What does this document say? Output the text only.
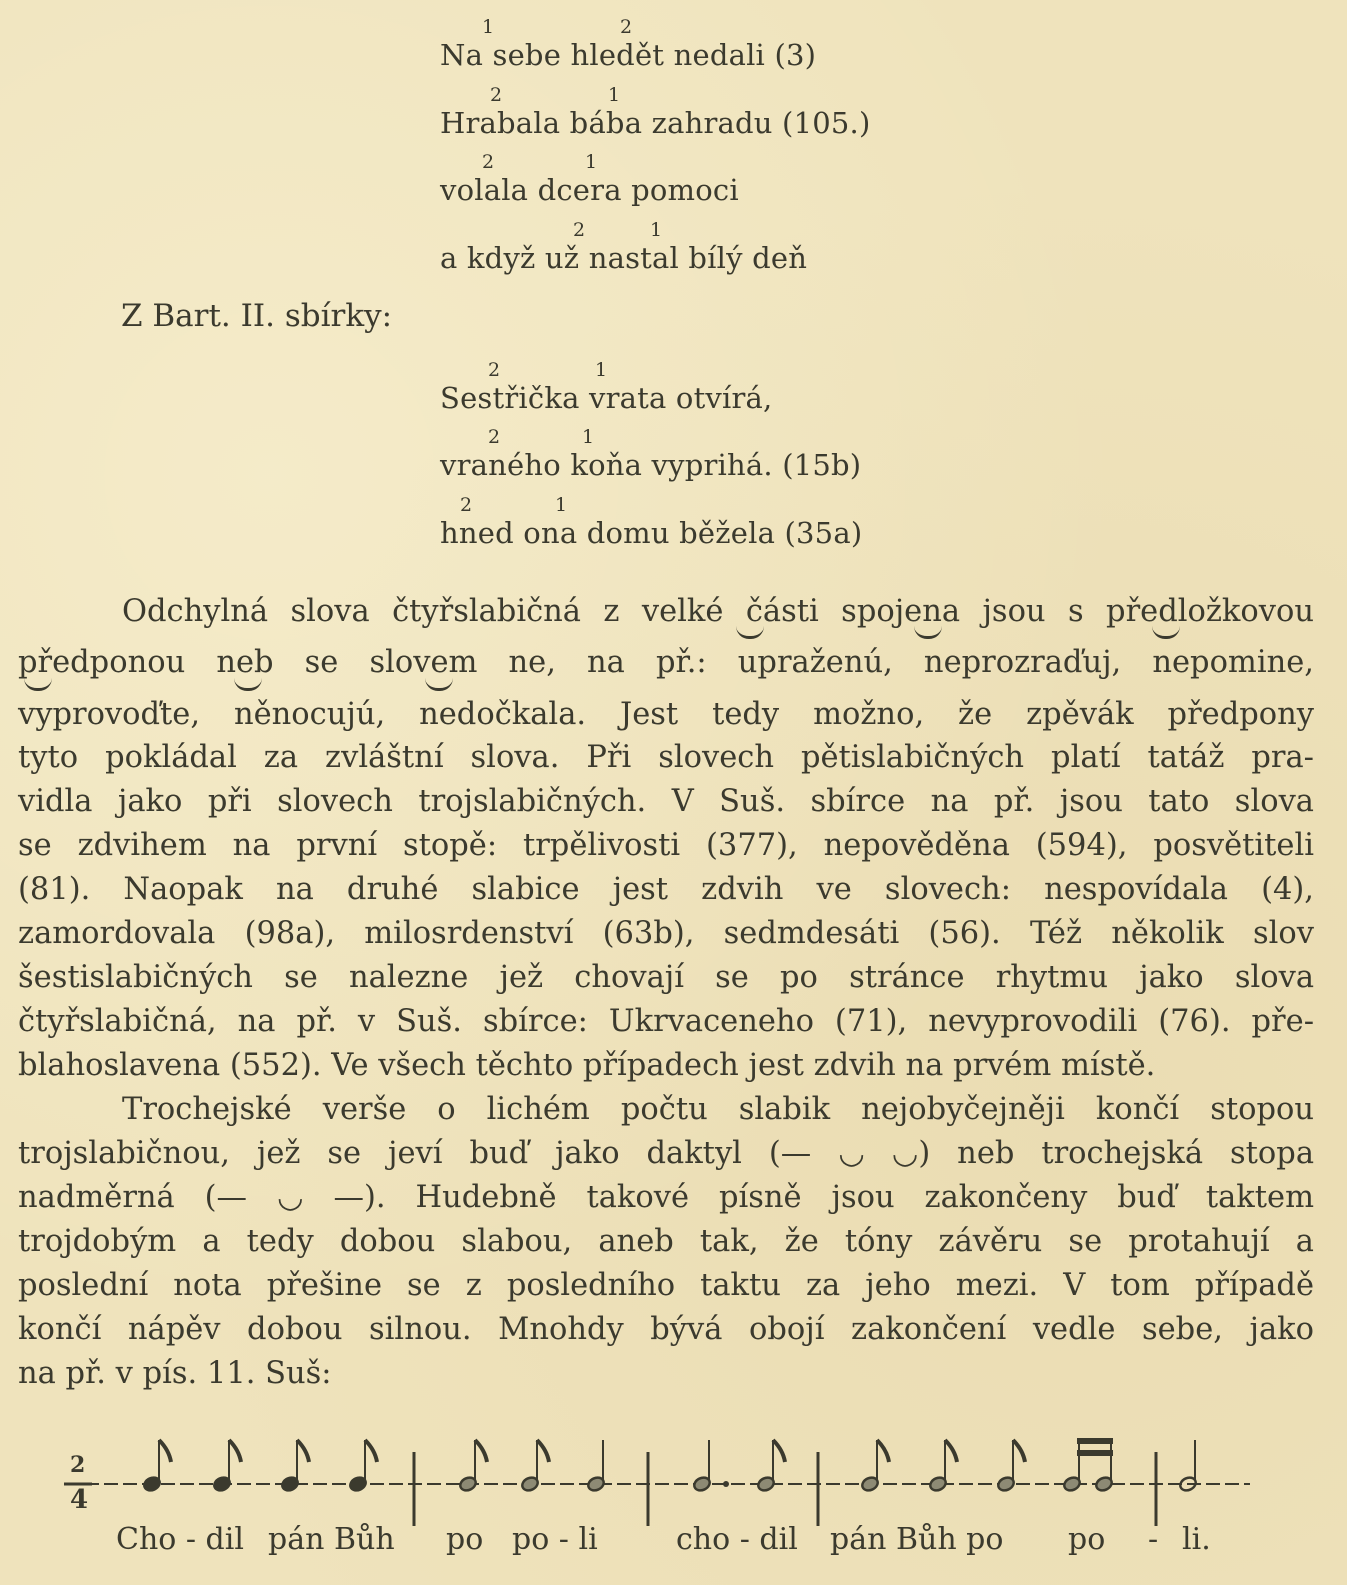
1	2
Na sebe hledět nedali (3)
2	1
Hrabala bába zahradu (105.)
2	1
volala dcera pomoci
2	1
a když už nastal bílý deň
Z Bart. II. sbírky:
2	1
Sestřička vrata otvírá,
2	1
vraného koňa vyprihá. (15b)
2	1
hned ona domu běžela (35a)
Odchylná slova čtyřslabičná z velké části spojena jsou s předložkovou
předponou neb se slovem ne, na př.: upraženú, neprozraďuj, nepomine,
vyprovoďte, něnocujú, nedočkala. Jest tedy možno, že zpěvák předpony
tyto pokládal za zvláštní slova. Při slovech pětislabičných platí tatáž pra-
vidla jako při slovech trojslabičných. V Suš. sbírce na př. jsou tato slova
se zdvihem na první stopě: trpělivosti (377), nepověděna (594), posvětiteli
(81). Naopak na druhé slabice jest zdvih ve slovech: nespovídala (4),
zamordovala (98a), milosrdenství (63b), sedmdesáti (56). Též několik slov
šestislabičných se nalezne jež chovají se po stránce rhytmu jako slova
čtyřslabičná, na př. v Suš. sbírce: Ukrvaceneho (71), nevyprovodili (76). pře-
blahoslavena (552). Ve všech těchto případech jest zdvih na prvém místě.
Trochejské verše o lichém počtu slabik nejobyčejněji končí stopou
trojslabičnou, jež se jeví buď jako daktyl (— ◡ ◡) neb trochejská stopa
nadměrná (— ◡ —). Hudebně takové písně jsou zakončeny buď taktem
trojdobým a tedy dobou slabou, aneb tak, že tóny závěru se protahují a
poslední nota přešine se z posledního taktu za jeho mezi. V tom případě
končí nápěv dobou silnou. Mnohdy bývá obojí zakončení vedle sebe, jako
na př. v pís. 11. Suš:
2
4
Cho - dil pán Bůh po po - li	cho - dil pán Bůh po po - li.
